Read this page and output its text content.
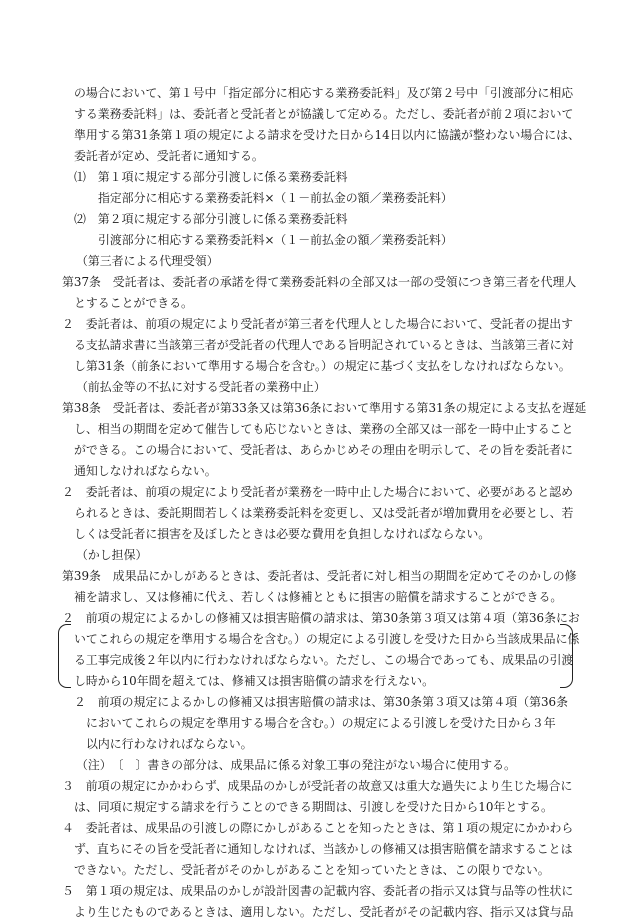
の場合において、第１号中「指定部分に相応する業務委託料」及び第２号中「引渡部分に相応
する業務委託料」は、委託者と受託者とが協議して定める。ただし、委託者が前２項において
準用する第31条第１項の規定による請求を受けた日から14日以内に協議が整わない場合には、
委託者が定め、受託者に通知する。
⑴　第１項に規定する部分引渡しに係る業務委託料
指定部分に相応する業務委託料×（１－前払金の額／業務委託料）
⑵　第２項に規定する部分引渡しに係る業務委託料
引渡部分に相応する業務委託料×（１－前払金の額／業務委託料）
（第三者による代理受領）
第37条　受託者は、委託者の承諾を得て業務委託料の全部又は一部の受領につき第三者を代理人
とすることができる。
２　委託者は、前項の規定により受託者が第三者を代理人とした場合において、受託者の提出す
る支払請求書に当該第三者が受託者の代理人である旨明記されているときは、当該第三者に対
し第31条（前条において準用する場合を含む。）の規定に基づく支払をしなければならない。
（前払金等の不払に対する受託者の業務中止）
第38条　受託者は、委託者が第33条又は第36条において準用する第31条の規定による支払を遅延
し、相当の期間を定めて催告しても応じないときは、業務の全部又は一部を一時中止すること
ができる。この場合において、受託者は、あらかじめその理由を明示して、その旨を委託者に
通知しなければならない。
２　委託者は、前項の規定により受託者が業務を一時中止した場合において、必要があると認め
られるときは、委託期間若しくは業務委託料を変更し、又は受託者が増加費用を必要とし、若
しくは受託者に損害を及ぼしたときは必要な費用を負担しなければならない。
（かし担保）
第39条　成果品にかしがあるときは、委託者は、受託者に対し相当の期間を定めてそのかしの修
補を請求し、又は修補に代え、若しくは修補とともに損害の賠償を請求することができる。
２　前項の規定によるかしの修補又は損害賠償の請求は、第30条第３項又は第４項（第36条にお
いてこれらの規定を準用する場合を含む。）の規定による引渡しを受けた日から当該成果品に係
る工事完成後２年以内に行わなければならない。ただし、この場合であっても、成果品の引渡
し時から10年間を超えては、修補又は損害賠償の請求を行えない。
２　前項の規定によるかしの修補又は損害賠償の請求は、第30条第３項又は第４項（第36条
においてこれらの規定を準用する場合を含む。）の規定による引渡しを受けた日から３年
以内に行わなければならない。
（注）　〔　〕書きの部分は、成果品に係る対象工事の発注がない場合に使用する。
３　前項の規定にかかわらず、成果品のかしが受託者の故意又は重大な過失により生じた場合に
は、同項に規定する請求を行うことのできる期間は、引渡しを受けた日から10年とする。
４　委託者は、成果品の引渡しの際にかしがあることを知ったときは、第１項の規定にかかわら
ず、直ちにその旨を受託者に通知しなければ、当該かしの修補又は損害賠償を請求することは
できない。ただし、受託者がそのかしがあることを知っていたときは、この限りでない。
５　第１項の規定は、成果品のかしが設計図書の記載内容、委託者の指示又は貸与品等の性状に
より生じたものであるときは、適用しない。ただし、受託者がその記載内容、指示又は貸与品
